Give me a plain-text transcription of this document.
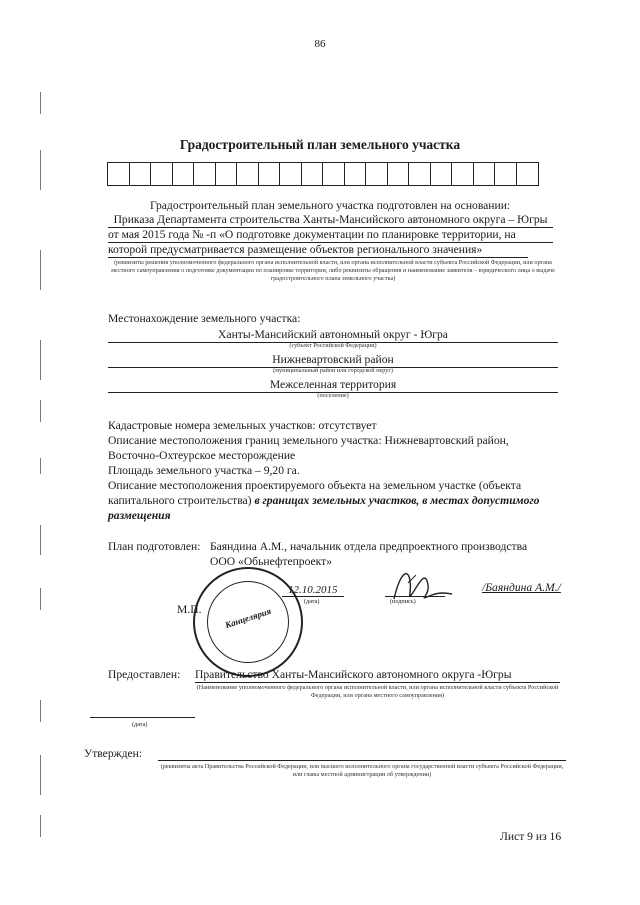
86
Градостроительный план земельного участка
Градостроительный план земельного участка подготовлен на основании:
Приказа Департамента строительства Ханты-Мансийского автономного округа – Югры
от мая 2015 года № -п «О подготовке документации по планировке территории, на
которой предусматривается размещение объектов регионального значения»
(реквизиты решения уполномоченного федерального органа исполнительной власти, или органа исполнительной власти субъекта Российской Федерации, или органа местного самоуправления о подготовке документации по планировке территории, либо реквизиты обращения и наименование заявителя – юридического лица о выдаче градостроительного плана земельного участка)
Местонахождение земельного участка:
Ханты-Мансийский автономный округ - Югра
(субъект Российской Федерации)
Нижневартовский район
(муниципальный район или городской округ)
Межселенная территория
(поселение)
Кадастровые номера земельных участков: отсутствует
Описание местоположения границ земельного участка: Нижневартовский район,
Восточно-Охтеурское месторождение
Площадь земельного участка – 9,20 га.
Описание местоположения проектируемого объекта на земельном участке (объекта
капитального строительства) в границах земельных участков, в местах допустимого
размещения
План подготовлен: Баяндина А.М., начальник отдела предпроектного производства
ООО «Обьнефтепроект»
12.10.2015
(дата)	(подпись)
/Баяндина А.М./
М.П.	Канцелярия
Предоставлен: Правительство Ханты-Мансийского автономного округа -Югры
(Наименование уполномоченного федерального органа исполнительной власти, или органа исполнительной власти субъекта Российской Федерации, или органа местного самоуправления)
(дата)
Утвержден:
(реквизиты акта Правительства Российской Федерации, или высшего исполнительного органа государственной власти субъекта Российской Федерации, или главы местной администрации об утверждении)
Лист 9 из 16
